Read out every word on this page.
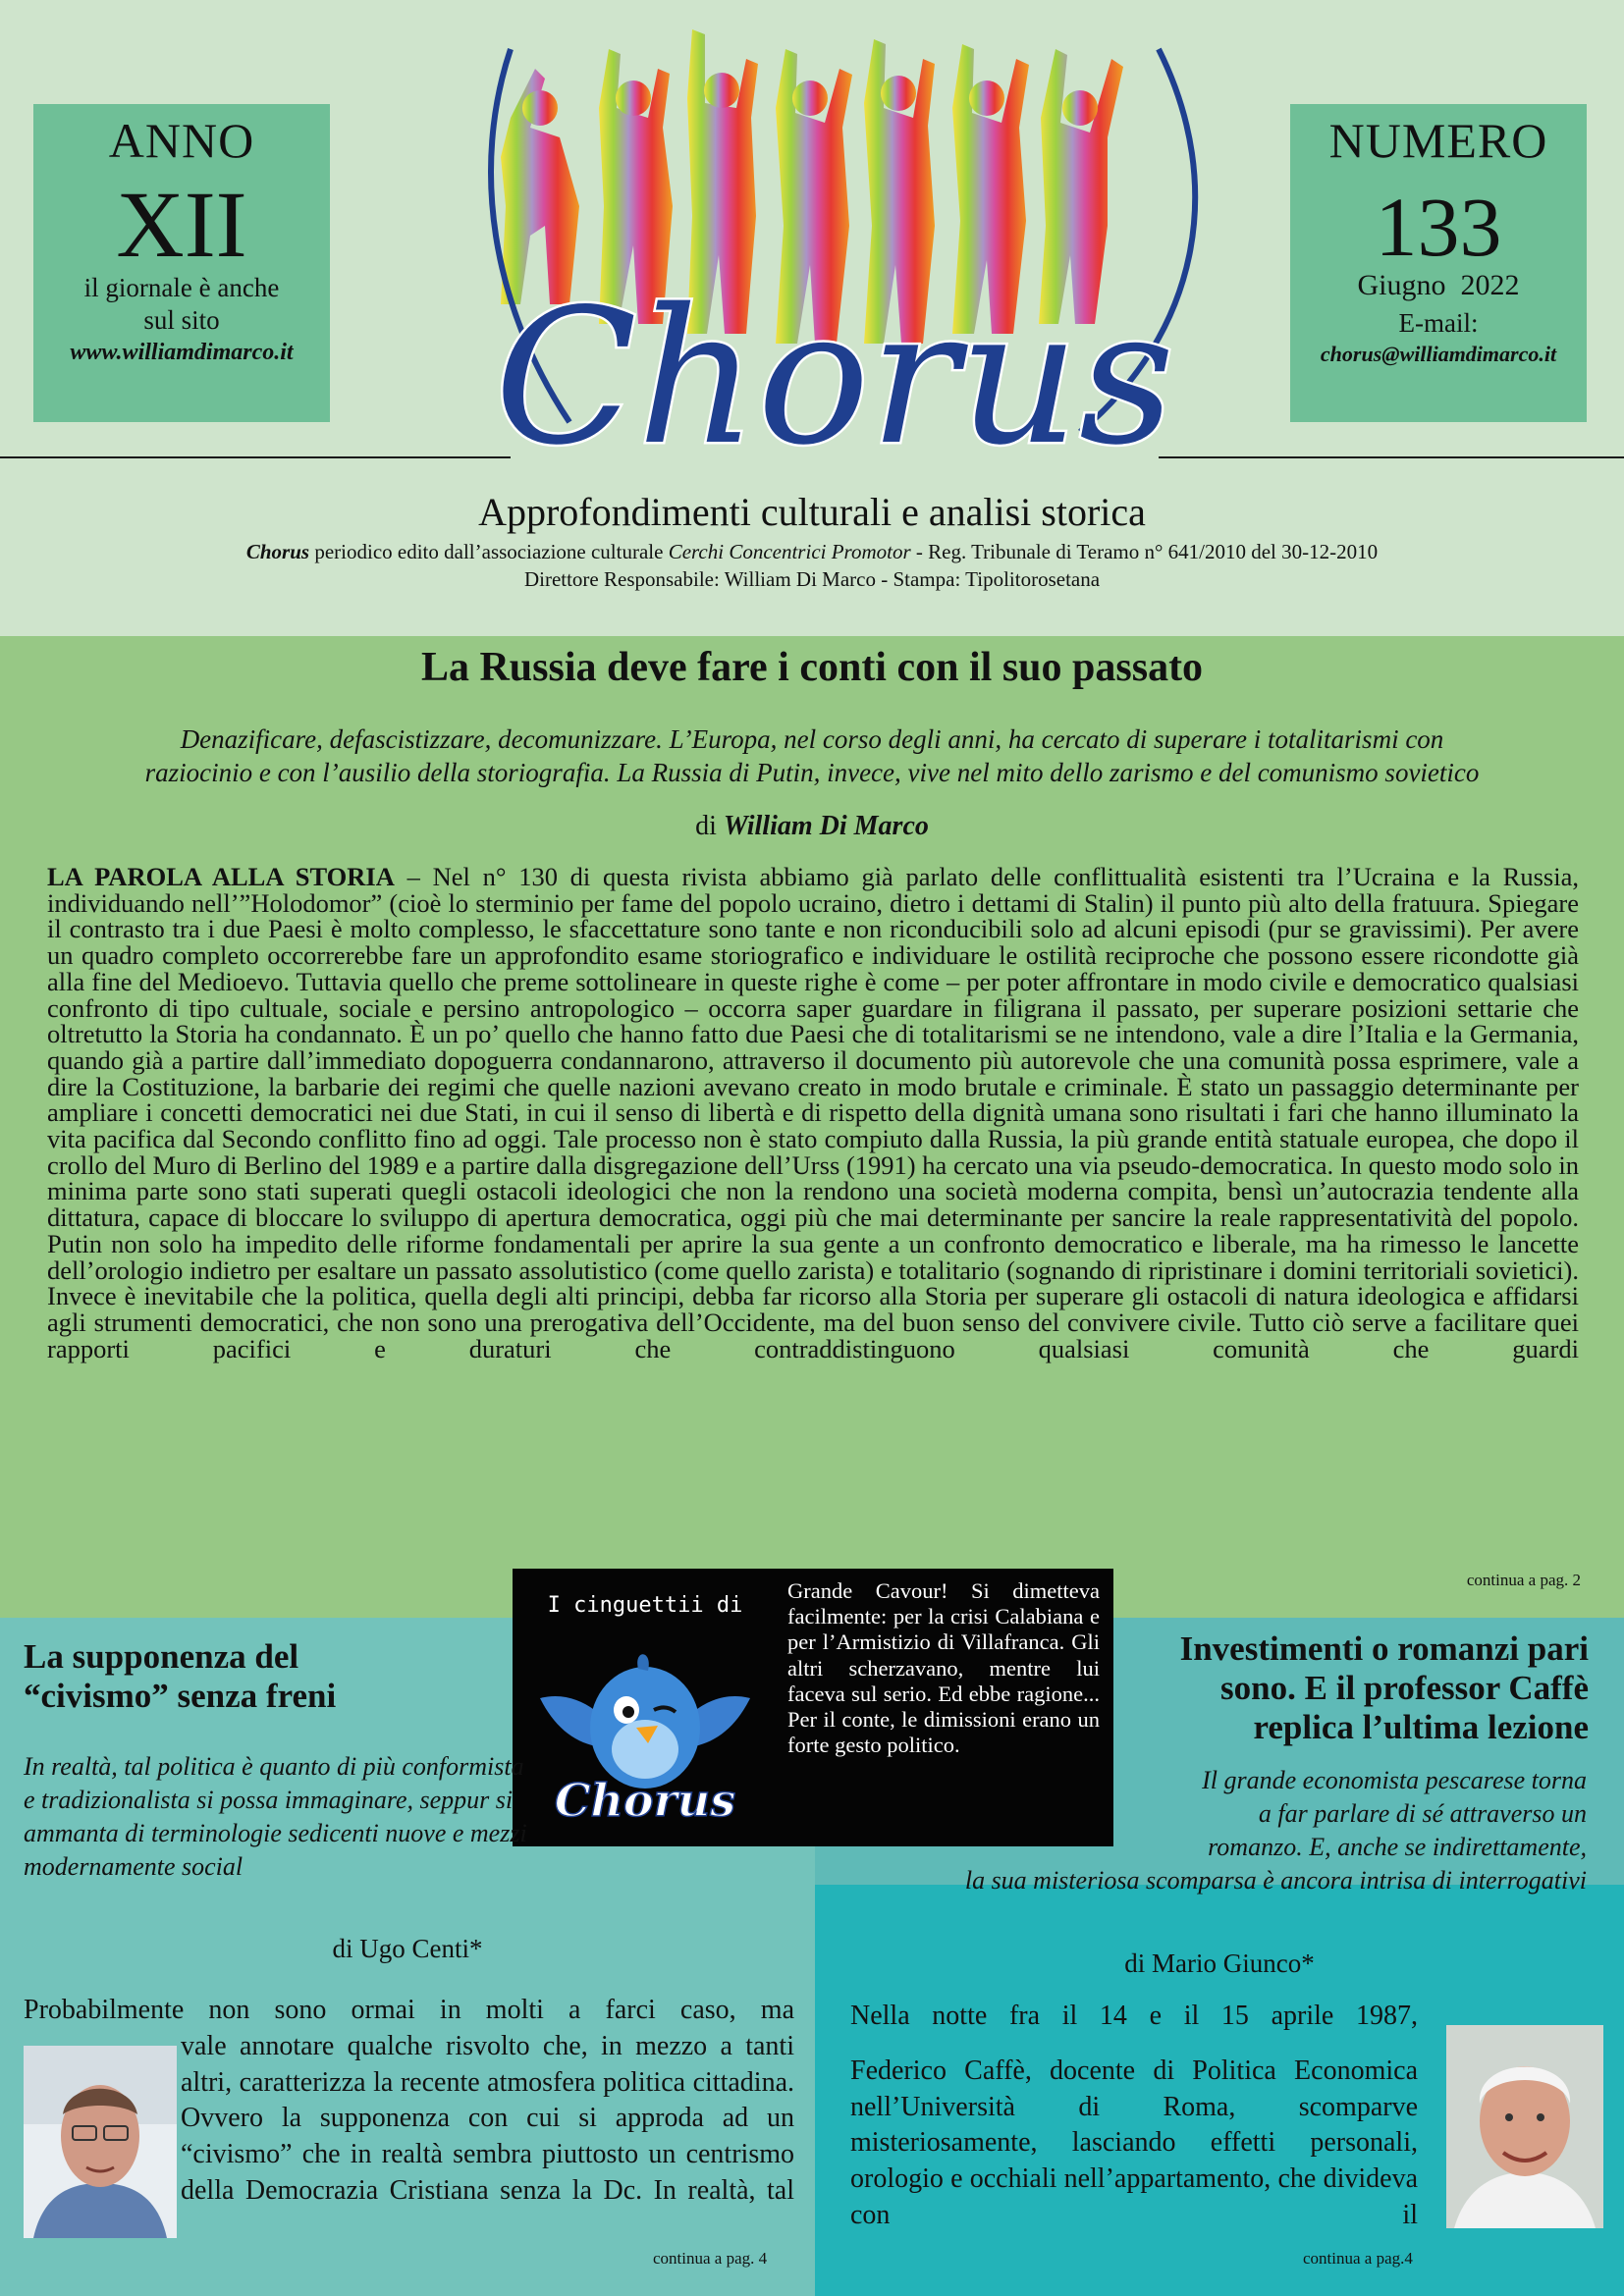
ANNO
XII
il giornale è anche
sul sito
www.williamdimarco.it
NUMERO
133
Giugno  2022
E-mail:
chorus@williamdimarco.it
Chorus
Approfondimenti culturali e analisi storica
Chorus periodico edito dall’associazione culturale Cerchi Concentrici Promotor - Reg. Tribunale di Teramo n° 641/2010 del 30-12-2010
Direttore Responsabile: William Di Marco - Stampa: Tipolitorosetana
La Russia deve fare i conti con il suo passato
Denazificare, defascistizzare, decomunizzare. L’Europa, nel corso degli anni, ha cercato di superare i totalitarismi con
raziocinio e con l’ausilio della storiografia. La Russia di Putin, invece, vive nel mito dello zarismo e del comunismo sovietico
di William Di Marco
LA PAROLA ALLA STORIA – Nel n° 130 di questa rivista abbiamo già parlato delle conflittualità esistenti tra l’Ucraina e la Russia, individuando nell’”Holodomor” (cioè lo sterminio per fame del popolo ucraino, dietro i dettami di Stalin) il punto più alto della fratuura. Spiegare il contrasto tra i due Paesi è molto complesso, le sfaccettature sono tante e non riconducibili solo ad alcuni episodi (pur se gravissimi). Per avere un quadro completo occorrerebbe fare un approfondito esame storiografico e individuare le ostilità reciproche che possono essere ricondotte già alla fine del Medioevo. Tuttavia quello che preme sottolineare in queste righe è come – per poter affrontare in modo civile e democratico qualsiasi confronto di tipo cultuale, sociale e persino antropologico – occorra saper guardare in filigrana il passato, per superare posizioni settarie che oltretutto la Storia ha condannato. È un po’ quello che hanno fatto due Paesi che di totalitarismi se ne intendono, vale a dire l’Italia e la Germania, quando già a partire dall’immediato dopoguerra condannarono, attraverso il documento più autorevole che una comunità possa esprimere, vale a dire la Costituzione, la barbarie dei regimi che quelle nazioni avevano creato in modo brutale e criminale. È stato un passaggio determinante per ampliare i concetti democratici nei due Stati, in cui il senso di libertà e di rispetto della dignità umana sono risultati i fari che hanno illuminato la vita pacifica dal Secondo conflitto fino ad oggi. Tale processo non è stato compiuto dalla Russia, la più grande entità statuale europea, che dopo il crollo del Muro di Berlino del 1989 e a partire dalla disgregazione dell’Urss (1991) ha cercato una via pseudo-democratica. In questo modo solo in minima parte sono stati superati quegli ostacoli ideologici che non la rendono una società moderna compita, bensì un’autocrazia tendente alla dittatura, capace di bloccare lo sviluppo di apertura democratica, oggi più che mai determinante per sancire la reale rappresentatività del popolo. Putin non solo ha impedito delle riforme fondamentali per aprire la sua gente a un confronto democratico e liberale, ma ha rimesso le lancette dell’orologio indietro per esaltare un passato assolutistico (come quello zarista) e totalitario (sognando di ripristinare i domini territoriali sovietici). Invece è inevitabile che la politica, quella degli alti principi, debba far ricorso alla Storia per superare gli ostacoli di natura ideologica e affidarsi agli strumenti democratici, che non sono una prerogativa dell’Occidente, ma del buon senso del convivere civile. Tutto ciò serve a facilitare quei rapporti pacifici e duraturi che contraddistinguono qualsiasi comunità che guardi
continua a pag. 2
I cinguettii di
Chorus
Grande Cavour! Si dimetteva facilmente: per la crisi Calabiana e per l’Armistizio di Villafranca. Gli altri scherzavano, mentre lui faceva sul serio. Ed ebbe ragione... Per il conte, le dimissioni erano un forte gesto politico.
La supponenza del
“civismo” senza freni
In realtà, tal politica è quanto di più conformista e tradizionalista si possa immaginare, seppur si ammanta di terminologie sedicenti nuove e mezzi modernamente social
di Ugo Centi*
Probabilmente non sono ormai in molti a farci caso, ma
vale annotare qualche risvolto che, in mezzo a tanti altri, caratterizza la recente atmosfera politica cittadina. Ovvero la supponenza con cui si approda ad un “civismo” che in realtà sembra piuttosto un centrismo della Democrazia Cristiana senza la Dc. In realtà, tal
continua a pag. 4
Investimenti o romanzi pari
sono. E il professor Caffè
replica l’ultima lezione
Il grande economista pescarese torna
a far parlare di sé attraverso un
romanzo. E, anche se indirettamente,
la sua misteriosa scomparsa è ancora intrisa di interrogativi
di Mario Giunco*
Nella notte fra il 14 e il 15 aprile 1987,
Federico Caffè, docente di Politica Economica nell’Università di Roma, scomparve misteriosamente, lasciando effetti personali, orologio e occhiali nell’appartamento, che divideva con il
continua a pag.4
